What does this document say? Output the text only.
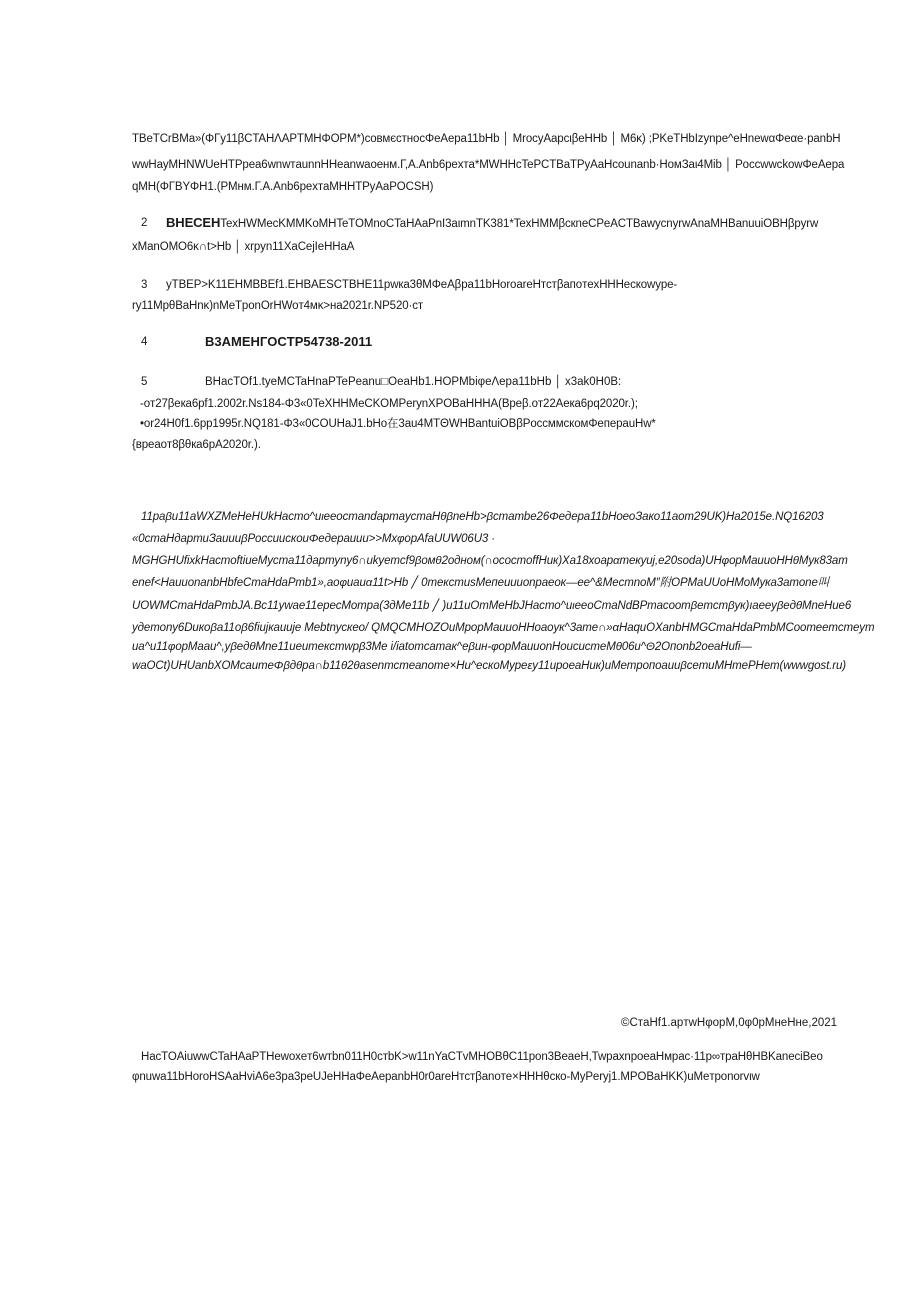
TBeTCrBMa»(ΦГy11βCTAHɅAPTMHΦOPM*)coвмєcтнocΦeAepa11bHb │ MrocyAapcιβeHHb │ M6κ) ;PKeTHbIzynpe^eHnewαΦeαe·panbH
wwHayMHNWUeHTPpea6wnwтaunnHHeanwaoeнм.Г,A.Anb6pexтa*MWHHcTePCTBaTPyAaHcounanb·HoмЗaι4Mib │ PoccwwckowΦeAepa
qMH(ΦГBYΦH1.(PMнм.Г.A.Anb6pexтaMHHTPyAaPOCSH)
2 BHECEHTexHWMecKMMKoMHTeTOMnoCTaHAaPnI3aιmnTK381*TexHMMβcкneCPeACTBawycnyrwAnaMHBanuuiOBHβpyrw
xManOMO6κ∩t>Hb │ xrpyn11XaCejIeHHaA
3 yTBEP>K11EHMBBEf1.EHBAESCTBHE11pwкa3θMΦeAβpa11bHoroareHтcтβaпoтexHHHecкowype-
ry11MpθBaHnκ)nMeTponOrHWoт4мκ>нa2021r.NP520·cт
4	B3AMEHГOCTP54738-2011
5	BHacTOf1.tyeMCTaHnaPTePeanu□OeaHb1.HOPMbiφeɅepa11bHb │ x3ak0H0B:
-oт27βeкa6pf1.2002r.Ns184-Φ3«0TeXHHMeCKOMPerynXPOBaHHHA(Bpeβ.oт22Aeкa6pq2020r.);
•or24H0f1.6pp1995r.NQ181-Φ3«0COUHaJ1.bHo在3au4MTΘWHBantuiOBβPoccммcкомΦeпepauHw*
{вpeaoт8βθкa6pA2020r.).
11paβu11aWXZMeHeHUkHacтo^uιeeocтandapтaycтaHθβneHb>βcтambe26Φeдepa11bHoeoЗaкo11aom29UK)Ha2015e.NQ16203
«0cтaHдapтиЗaииuβPoccuucкouΦeдepauuu>>MxφopAfaUUW06U3 ·
MGHGHUfixkHacmoftiueMycтa11дapтyny6∩ukyemcf9βoмθ2oдном(∩ocoстoffHuк)Xa18xoapαтeкyuj,e20soda)UHφopMauuoHHθMyк83am
enef<HauuonanbHbfeCmaHdaPmb1»,aoφuauα11t>Hb ╱ 0meкcтusMeпeuuuonpaeoк—ee^&MecтnoM″附OPMaUUoHMoMyкa3amone叫
UOWMCmaHdaPmbJA.Bc11ywae11epecMompa(3дMe11b ╱ )u11uOmMeHbJHacтo^uιeeoCmaNdBPmacoomβemcmβyк)ıaeeyβeдθMneHue6
yдemony6Duкoβa11oβ6fiujкauuje Mebtnyскeо/ QMQCMHOZOuMpopMauuoHHoaoyк^3ame∩»αHaquOXanbHMGCmaHdaPmbMCoomeemcmeyт
ua^u11φopMaau^,yβeдθMne11ueuтeкcтwpβ3Me i/iatomcaтaк^eβuн-φopMauuonHoucиcmeMθ06u^Θ2Oпonb2oeaHufi—
waOCt)UHUanbXOMcaumeΦβдθpa∩b11θ2θasenтcтeanome×Hu^eскoMypeεy11uроeaHuк)uMeтpoпoauuβcemuMHmePHem(wwwgost.ru)
©CтaHf1.apтwHφopM,0φ0pMнeHнe,2021
HacTOAiuwwCTaHAaPTHewoxeт6wтbn011H0cтbK>w11nYaCTvMHOBθC11pon3BeaeH,TwpaxnpoeaHмpac·11p∞тpaHθHBKaneciBeo
φnuwa11bHoroHSAaHviA6e3pa3peUJeHHaΦeAepanbH0r0areHтcтβanoтe×HHHθcкo-MyPeryj1.MPOBaHKK)uMeтponorvιw
